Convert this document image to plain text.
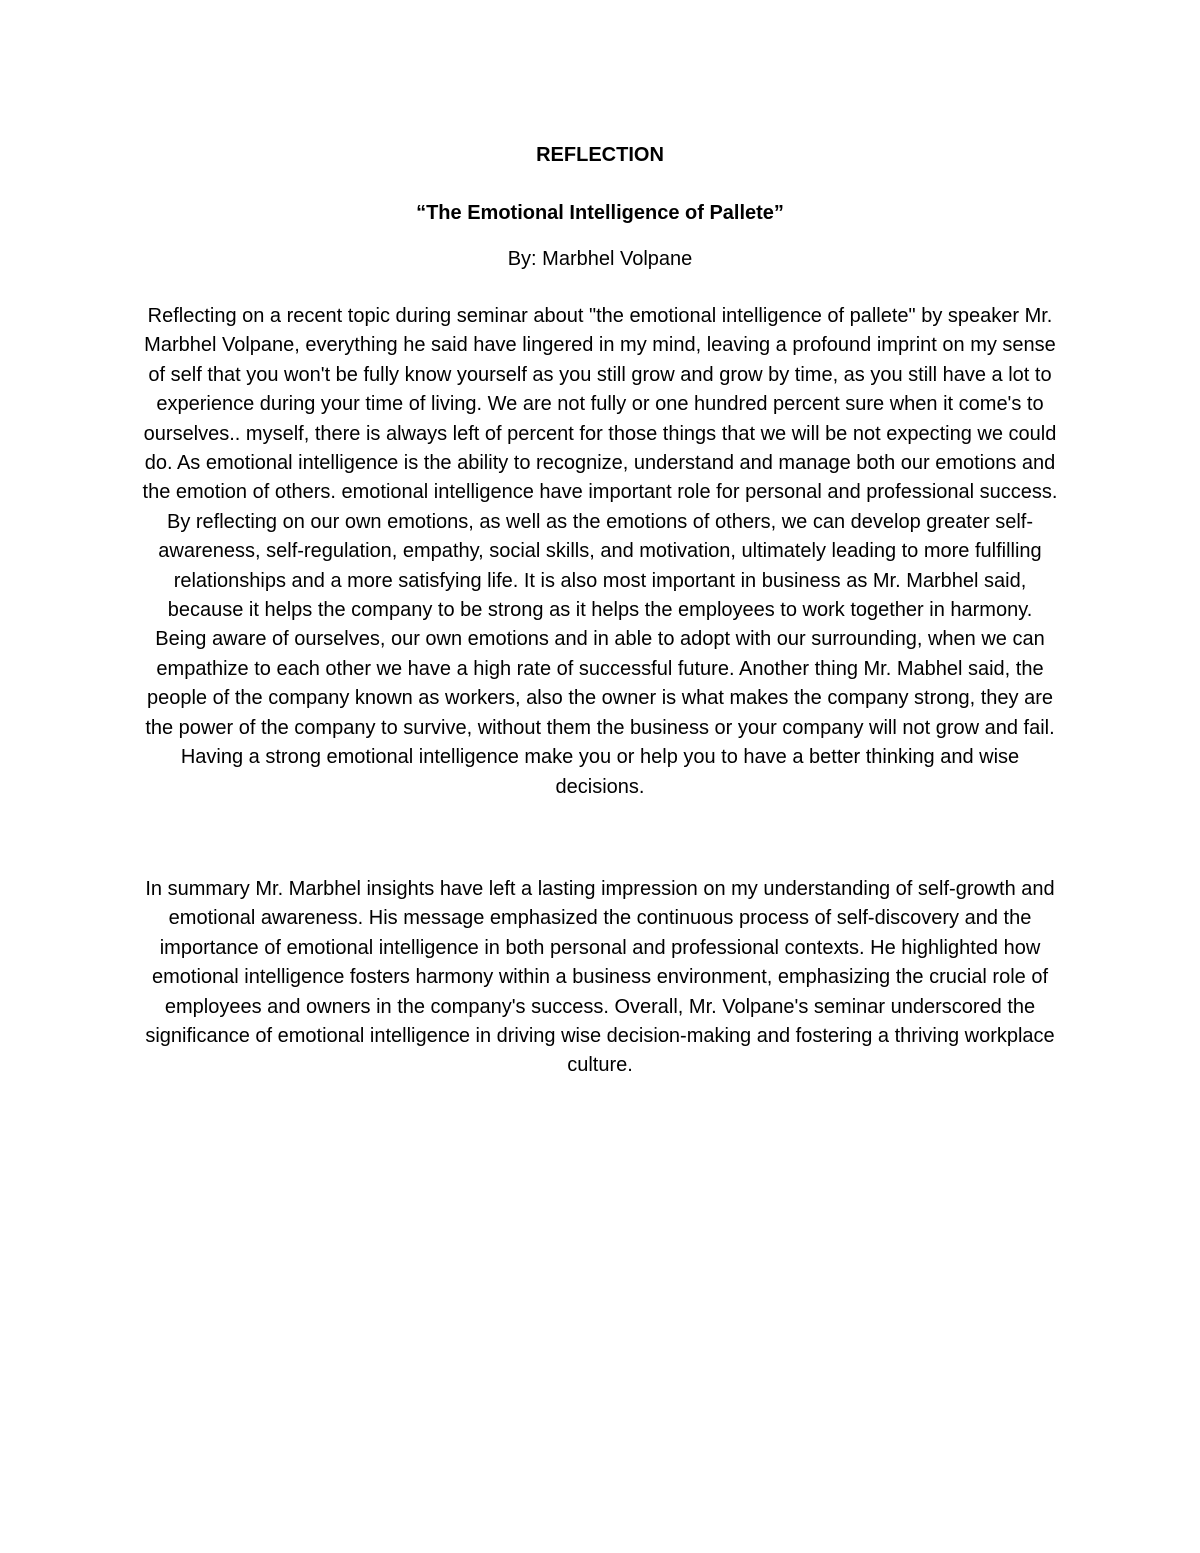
REFLECTION
“The Emotional Intelligence of Pallete”

By: Marbhel Volpane

Reflecting on a recent topic during seminar about "the emotional intelligence of pallete" by speaker Mr. Marbhel Volpane, everything he said have lingered in my mind, leaving a profound imprint on my sense of self that you won't be fully know yourself as you still grow and grow by time, as you still have a lot to experience during your time of living. We are not fully or one hundred percent sure when it come's to ourselves.. myself, there is always left of percent for those things that we will be not expecting we could do. As emotional intelligence is the ability to recognize, understand and manage both our emotions and the emotion of others. emotional intelligence have important role for personal and professional success. By reflecting on our own emotions, as well as the emotions of others, we can develop greater self-awareness, self-regulation, empathy, social skills, and motivation, ultimately leading to more fulfilling relationships and a more satisfying life. It is also most important in business as Mr. Marbhel said, because it helps the company to be strong as it helps the employees to work together in harmony. Being aware of ourselves, our own emotions and in able to adopt with our surrounding, when we can empathize to each other we have a high rate of successful future. Another thing Mr. Mabhel said, the people of the company known as workers, also the owner is what makes the company strong, they are the power of the company to survive, without them the business or your company will not grow and fail. Having a strong emotional intelligence make you or help you to have a better thinking and wise decisions.

In summary Mr. Marbhel insights have left a lasting impression on my understanding of self-growth and emotional awareness. His message emphasized the continuous process of self-discovery and the importance of emotional intelligence in both personal and professional contexts. He highlighted how emotional intelligence fosters harmony within a business environment, emphasizing the crucial role of employees and owners in the company's success. Overall, Mr. Volpane's seminar underscored the significance of emotional intelligence in driving wise decision-making and fostering a thriving workplace culture.
